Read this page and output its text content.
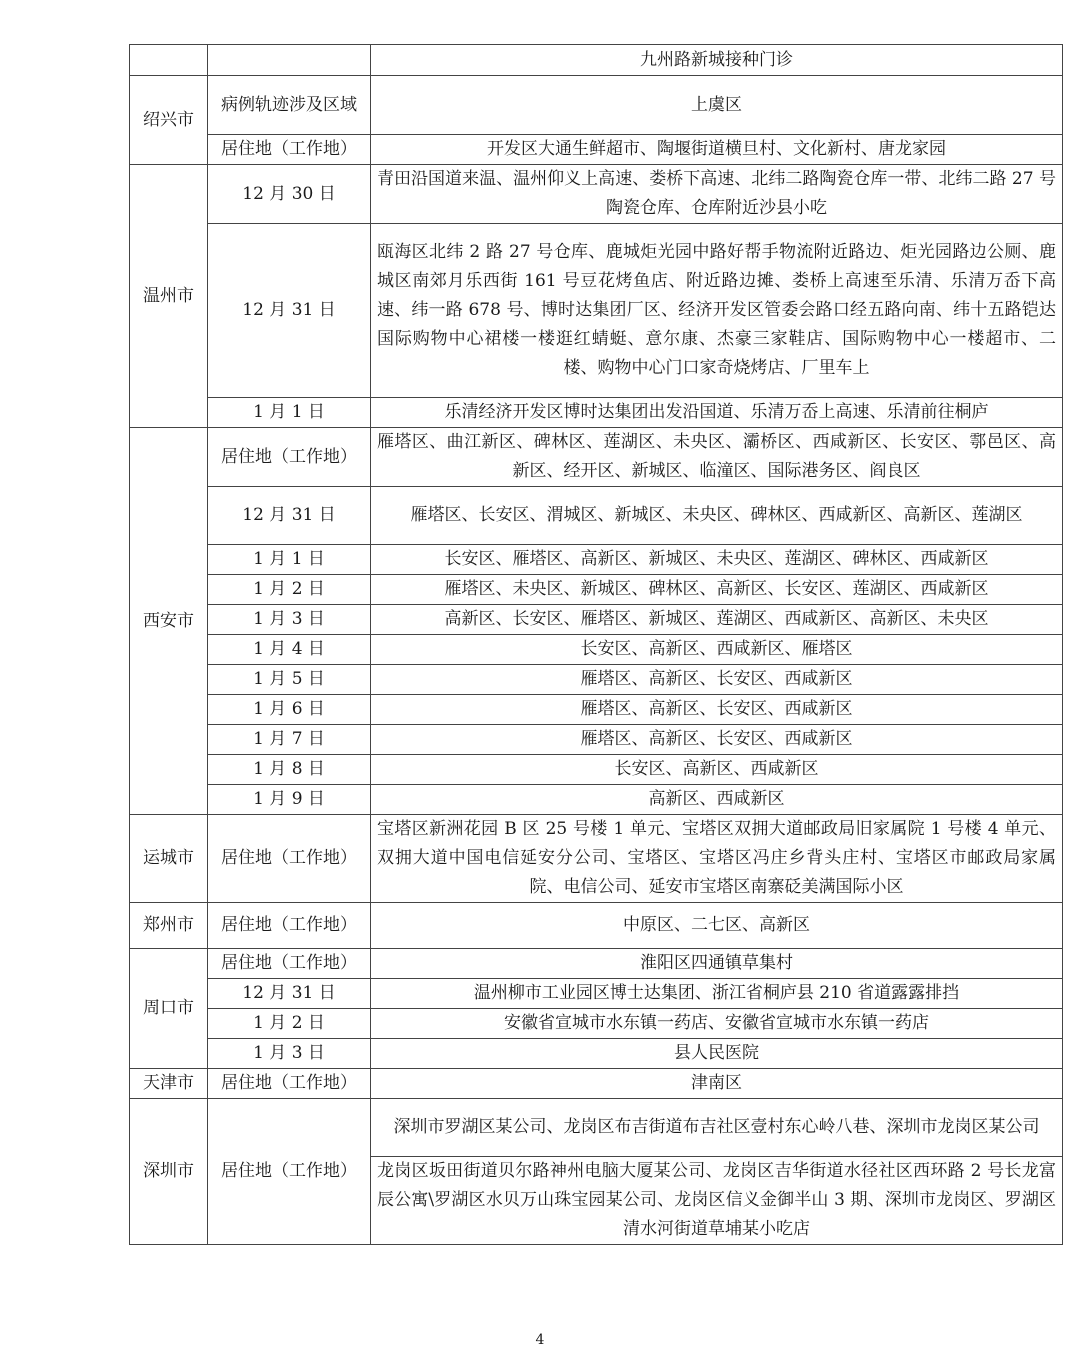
		九州路新城接种门诊
绍兴市	病例轨迹涉及区域	上虞区
	居住地（工作地）	开发区大通生鲜超市、陶堰街道横旦村、文化新村、唐龙家园
温州市	12 月 30 日	青田沿国道来温、温州仰义上高速、娄桥下高速、北纬二路陶瓷仓库一带、北纬二路 27 号陶瓷仓库、仓库附近沙县小吃
	12 月 31 日	瓯海区北纬 2 路 27 号仓库、鹿城炬光园中路好帮手物流附近路边、炬光园路边公厕、鹿城区南郊月乐西街 161 号豆花烤鱼店、附近路边摊、娄桥上高速至乐清、乐清万岙下高速、纬一路 678 号、博时达集团厂区、经济开发区管委会路口经五路向南、纬十五路铠达国际购物中心裙楼一楼逛红蜻蜓、意尔康、杰豪三家鞋店、国际购物中心一楼超市、二楼、购物中心门口家奇烧烤店、厂里车上
	1 月 1 日	乐清经济开发区博时达集团出发沿国道、乐清万岙上高速、乐清前往桐庐
西安市	居住地（工作地）	雁塔区、曲江新区、碑林区、莲湖区、未央区、灞桥区、西咸新区、长安区、鄠邑区、高新区、经开区、新城区、临潼区、国际港务区、阎良区
	12 月 31 日	雁塔区、长安区、渭城区、新城区、未央区、碑林区、西咸新区、高新区、莲湖区
	1 月 1 日	长安区、雁塔区、高新区、新城区、未央区、莲湖区、碑林区、西咸新区
	1 月 2 日	雁塔区、未央区、新城区、碑林区、高新区、长安区、莲湖区、西咸新区
	1 月 3 日	高新区、长安区、雁塔区、新城区、莲湖区、西咸新区、高新区、未央区
	1 月 4 日	长安区、高新区、西咸新区、雁塔区
	1 月 5 日	雁塔区、高新区、长安区、西咸新区
	1 月 6 日	雁塔区、高新区、长安区、西咸新区
	1 月 7 日	雁塔区、高新区、长安区、西咸新区
	1 月 8 日	长安区、高新区、西咸新区
	1 月 9 日	高新区、西咸新区
运城市	居住地（工作地）	宝塔区新洲花园 B 区 25 号楼 1 单元、宝塔区双拥大道邮政局旧家属院 1 号楼 4 单元、双拥大道中国电信延安分公司、宝塔区、宝塔区冯庄乡背头庄村、宝塔区市邮政局家属院、电信公司、延安市宝塔区南寨砭美满国际小区
郑州市	居住地（工作地）	中原区、二七区、高新区
周口市	居住地（工作地）	淮阳区四通镇草集村
	12 月 31 日	温州柳市工业园区博士达集团、浙江省桐庐县 210 省道露露排挡
	1 月 2 日	安徽省宣城市水东镇一药店、安徽省宣城市水东镇一药店
	1 月 3 日	县人民医院
天津市	居住地（工作地）	津南区
深圳市	居住地（工作地）	深圳市罗湖区某公司、龙岗区布吉街道布吉社区壹村东心岭八巷、深圳市龙岗区某公司
		龙岗区坂田街道贝尔路神州电脑大厦某公司、龙岗区吉华街道水径社区西环路 2 号长龙富辰公寓\罗湖区水贝万山珠宝园某公司、龙岗区信义金御半山 3 期、深圳市龙岗区、罗湖区清水河街道草埔某小吃店
4
